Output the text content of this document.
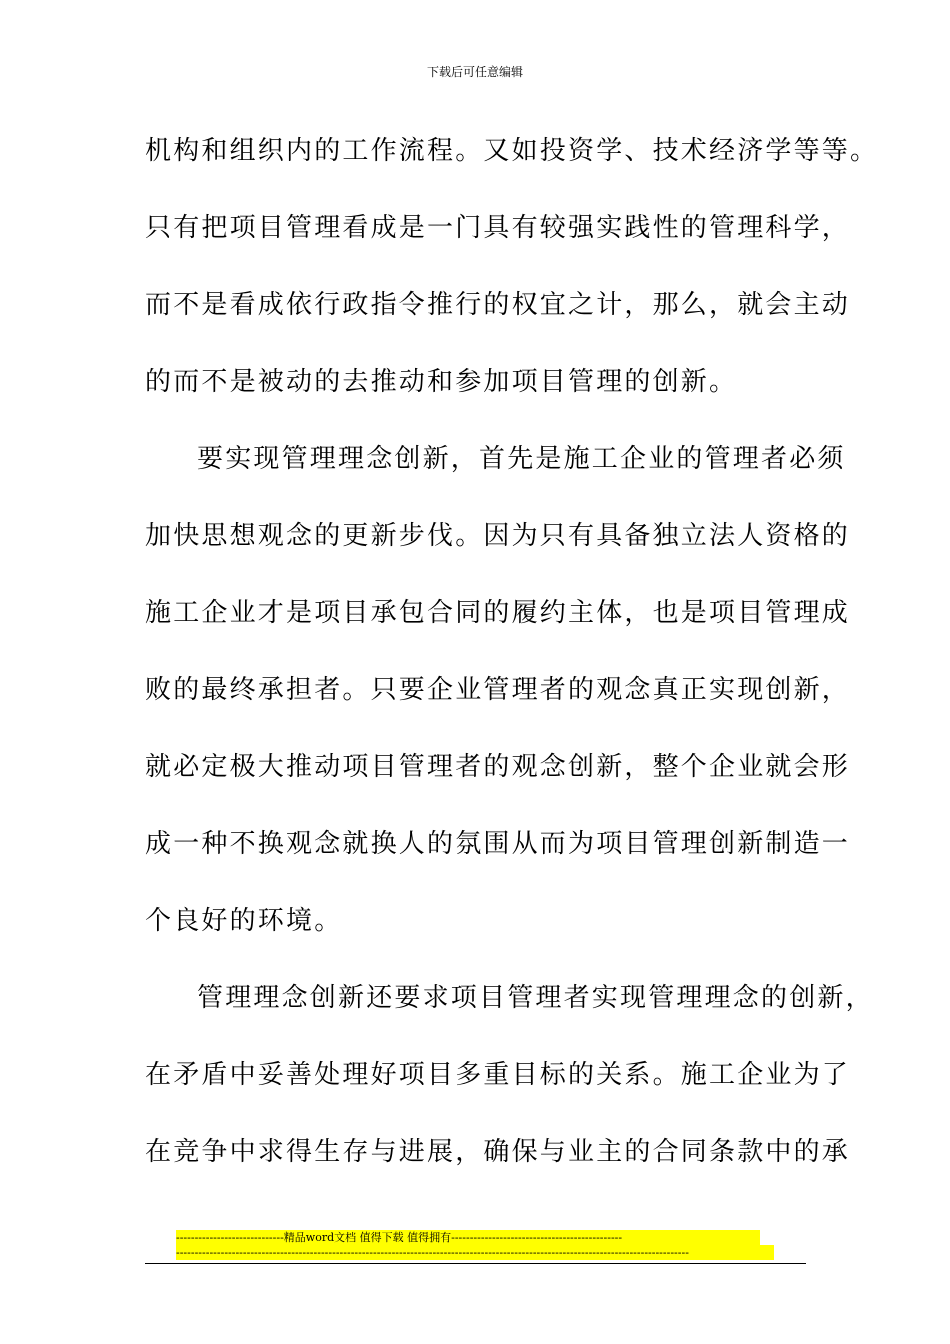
下载后可任意编辑
机构和组织内的工作流程。又如投资学、技术经济学等等。
只有把项目管理看成是一门具有较强实践性的管理科学，
而不是看成依行政指令推行的权宜之计，那么，就会主动
的而不是被动的去推动和参加项目管理的创新。
要实现管理理念创新，首先是施工企业的管理者必须
加快思想观念的更新步伐。因为只有具备独立法人资格的
施工企业才是项目承包合同的履约主体，也是项目管理成
败的最终承担者。只要企业管理者的观念真正实现创新，
就必定极大推动项目管理者的观念创新，整个企业就会形
成一种不换观念就换人的氛围从而为项目管理创新制造一
个良好的环境。
管理理念创新还要求项目管理者实现管理理念的创新，
在矛盾中妥善处理好项目多重目标的关系。施工企业为了
在竞争中求得生存与进展，确保与业主的合同条款中的承
-----------------------------精品word文档 值得下载 值得拥有----------------------------------------------
------------------------------------------------------------------------------------------------------------------------------------------
